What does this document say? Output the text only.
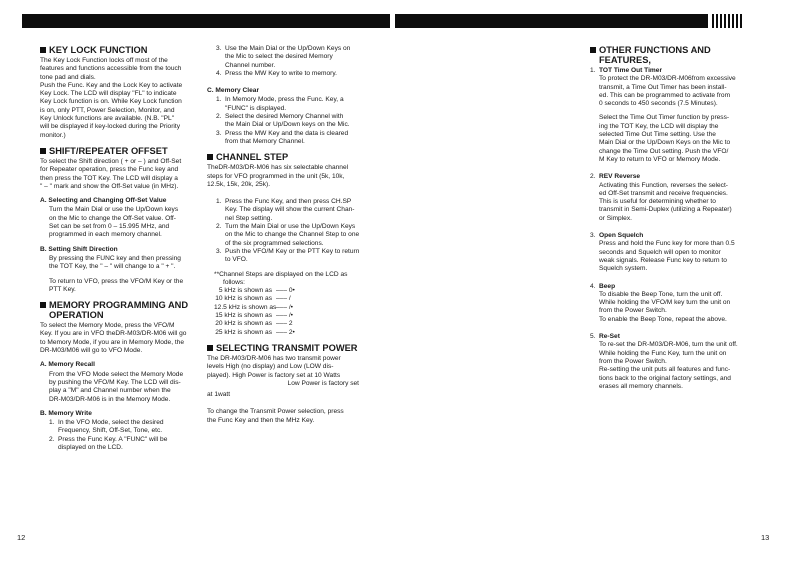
KEY LOCK FUNCTION
The Key Lock Function locks off most of the
features and functions accessible from the touch
tone pad and dials.
Push the Func. Key and the Lock Key to activate
Key Lock. The LCD will display "FL" to indicate
Key Lock function is on. While Key Lock function
is on, only PTT, Power Selection, Monitor, and
Key Unlock functions are available. (N.B. "PL"
will be displayed if key-locked during the Priority
monitor.)
SHIFT/REPEATER OFFSET
To select the Shift direction ( + or – ) and Off-Set
for Repeater operation, press the Func key and
then press the TOT Key. The LCD will display a
" – " mark and show the Off-Set value (in MHz).
A. Selecting and Changing Off-Set Value
Turn the Main Dial or use the Up/Down keys
on the Mic to change the Off-Set value. Off-
Set can be set from 0 – 15.995 MHz, and
programmed in each memory channel.
B. Setting Shift Direction
By pressing the FUNC key and then pressing
the TOT Key, the " – " will change to a " + ".
To return to VFO, press the VFO/M Key or the
PTT Key.
MEMORY PROGRAMMING AND
OPERATION
To select the Memory Mode, press the VFO/M
Key. If you are in VFO theDR-M03/DR-M06 will go
to Memory Mode, if you are in Memory Mode, the
DR-M03/M06 will go to VFO Mode.
A. Memory Recall
From the VFO Mode select the Memory Mode
by pushing the VFO/M Key. The LCD will dis-
play a "M" and Channel number when the
DR-M03/DR-M06 is in the Memory Mode.
B. Memory Write
1. In the VFO Mode, select the desired
Frequency, Shift, Off-Set, Tone, etc.
2. Press the Func Key. A "FUNC" will be
displayed on the LCD.
3. Use the Main Dial or the Up/Down Keys on
the Mic to select the desired Memory
Channel number.
4. Press the MW Key to write to memory.
C. Memory Clear
1. In Memory Mode, press the Func. Key, a
"FUNC" is displayed.
2. Select the desired Memory Channel with
the Main Dial or Up/Down keys on the Mic.
3. Press the MW Key and the data is cleared
from that Memory Channel.
CHANNEL STEP
TheDR-M03/DR-M06 has six selectable channel
steps for VFO programmed in the unit (5k, 10k,
12.5k, 15k, 20k, 25k).
1. Press the Func Key, and then press CH.SP
Key. The display will show the current Chan-
nel Step setting.
2. Turn the Main Dial or use the Up/Down Keys
on the Mic to change the Channel Step to one
of the six programmed selections.
3. Push the VFO/M Key or the PTT Key to return
to VFO.
**Channel Steps are displayed on the LCD as
follows:
5 kHz is shown as ––– 0•
10 kHz is shown as ––– /
12.5 kHz is shown as ––– /•
15 kHz is shown as ––– /•
20 kHz is shown as ––– 2
25 kHz is shown as ––– 2•
SELECTING TRANSMIT POWER
The DR-M03/DR-M06 has two transmit power
levels High (no display) and Low (LOW dis-
played). High Power is factory set at 10 Watts
Low Power is factory set
at 1watt
To change the Transmit Power selection, press
the Func Key and then the MHz Key.
OTHER FUNCTIONS AND
FEATURES,
1. TOT Time Out Timer
To protect the DR-M03/DR-M06from excessive
transmit, a Time Out Timer has been install-
ed. This can be programmed to activate from
0 seconds to 450 seconds (7.5 Minutes).
Select the Time Out Timer function by press-
ing the TOT Key, the LCD will display the
selected Time Out Time setting. Use the
Main Dial or the Up/Down Keys on the Mic to
change the Time Out setting. Push the VFO/
M Key to return to VFO or Memory Mode.
2. REV Reverse
Activating this Function, reverses the select-
ed Off-Set transmit and receive frequencies.
This is useful for determining whether to
transmit in Semi-Duplex (utilizing a Repeater)
or Simplex.
3. Open Squelch
Press and hold the Func key for more than 0.5
seconds and Squelch will open to monitor
weak signals. Release Func key to return to
Squelch system.
4. Beep
To disable the Beep Tone, turn the unit off.
While holding the VFO/M key turn the unit on
from the Power Switch.
To enable the Beep Tone, repeat the above.
5. Re-Set
To re-set the DR-M03/DR-M06, turn the unit off.
While holding the Func Key, turn the unit on
from the Power Switch.
Re-setting the unit puts all features and func-
tions back to the original factory settings, and
erases all memory channels.
12	13
